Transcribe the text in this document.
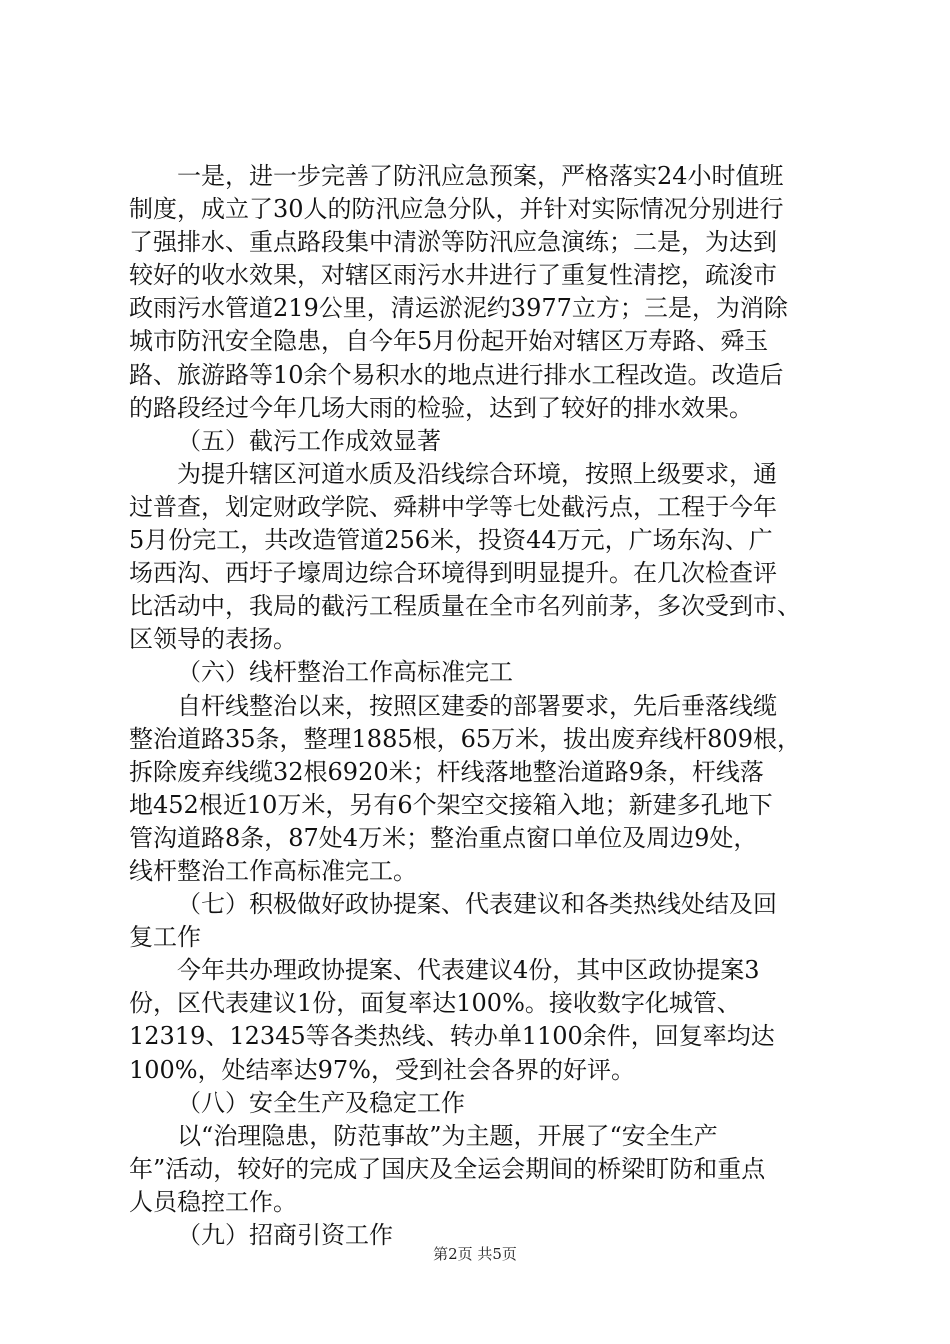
一是，进一步完善了防汛应急预案，严格落实24小时值班
制度，成立了30人的防汛应急分队，并针对实际情况分别进行
了强排水、重点路段集中清淤等防汛应急演练；二是，为达到
较好的收水效果，对辖区雨污水井进行了重复性清挖，疏浚市
政雨污水管道219公里，清运淤泥约3977立方；三是，为消除
城市防汛安全隐患，自今年5月份起开始对辖区万寿路、舜玉
路、旅游路等10余个易积水的地点进行排水工程改造。改造后
的路段经过今年几场大雨的检验，达到了较好的排水效果。
（五）截污工作成效显著
为提升辖区河道水质及沿线综合环境，按照上级要求，通
过普查，划定财政学院、舜耕中学等七处截污点，工程于今年
5月份完工，共改造管道256米，投资44万元，广场东沟、广
场西沟、西圩子壕周边综合环境得到明显提升。在几次检查评
比活动中，我局的截污工程质量在全市名列前茅，多次受到市、
区领导的表扬。
（六）线杆整治工作高标准完工
自杆线整治以来，按照区建委的部署要求，先后垂落线缆
整治道路35条，整理1885根，65万米，拔出废弃线杆809根，
拆除废弃线缆32根6920米；杆线落地整治道路9条，杆线落
地452根近10万米，另有6个架空交接箱入地；新建多孔地下
管沟道路8条，87处4万米；整治重点窗口单位及周边9处，
线杆整治工作高标准完工。
（七）积极做好政协提案、代表建议和各类热线处结及回
复工作
今年共办理政协提案、代表建议4份，其中区政协提案3
份，区代表建议1份，面复率达100%。接收数字化城管、
12319、12345等各类热线、转办单1100余件，回复率均达
100%，处结率达97%，受到社会各界的好评。
（八）安全生产及稳定工作
以“治理隐患，防范事故”为主题，开展了“安全生产
年”活动，较好的完成了国庆及全运会期间的桥梁盯防和重点
人员稳控工作。
（九）招商引资工作
第2页 共5页
